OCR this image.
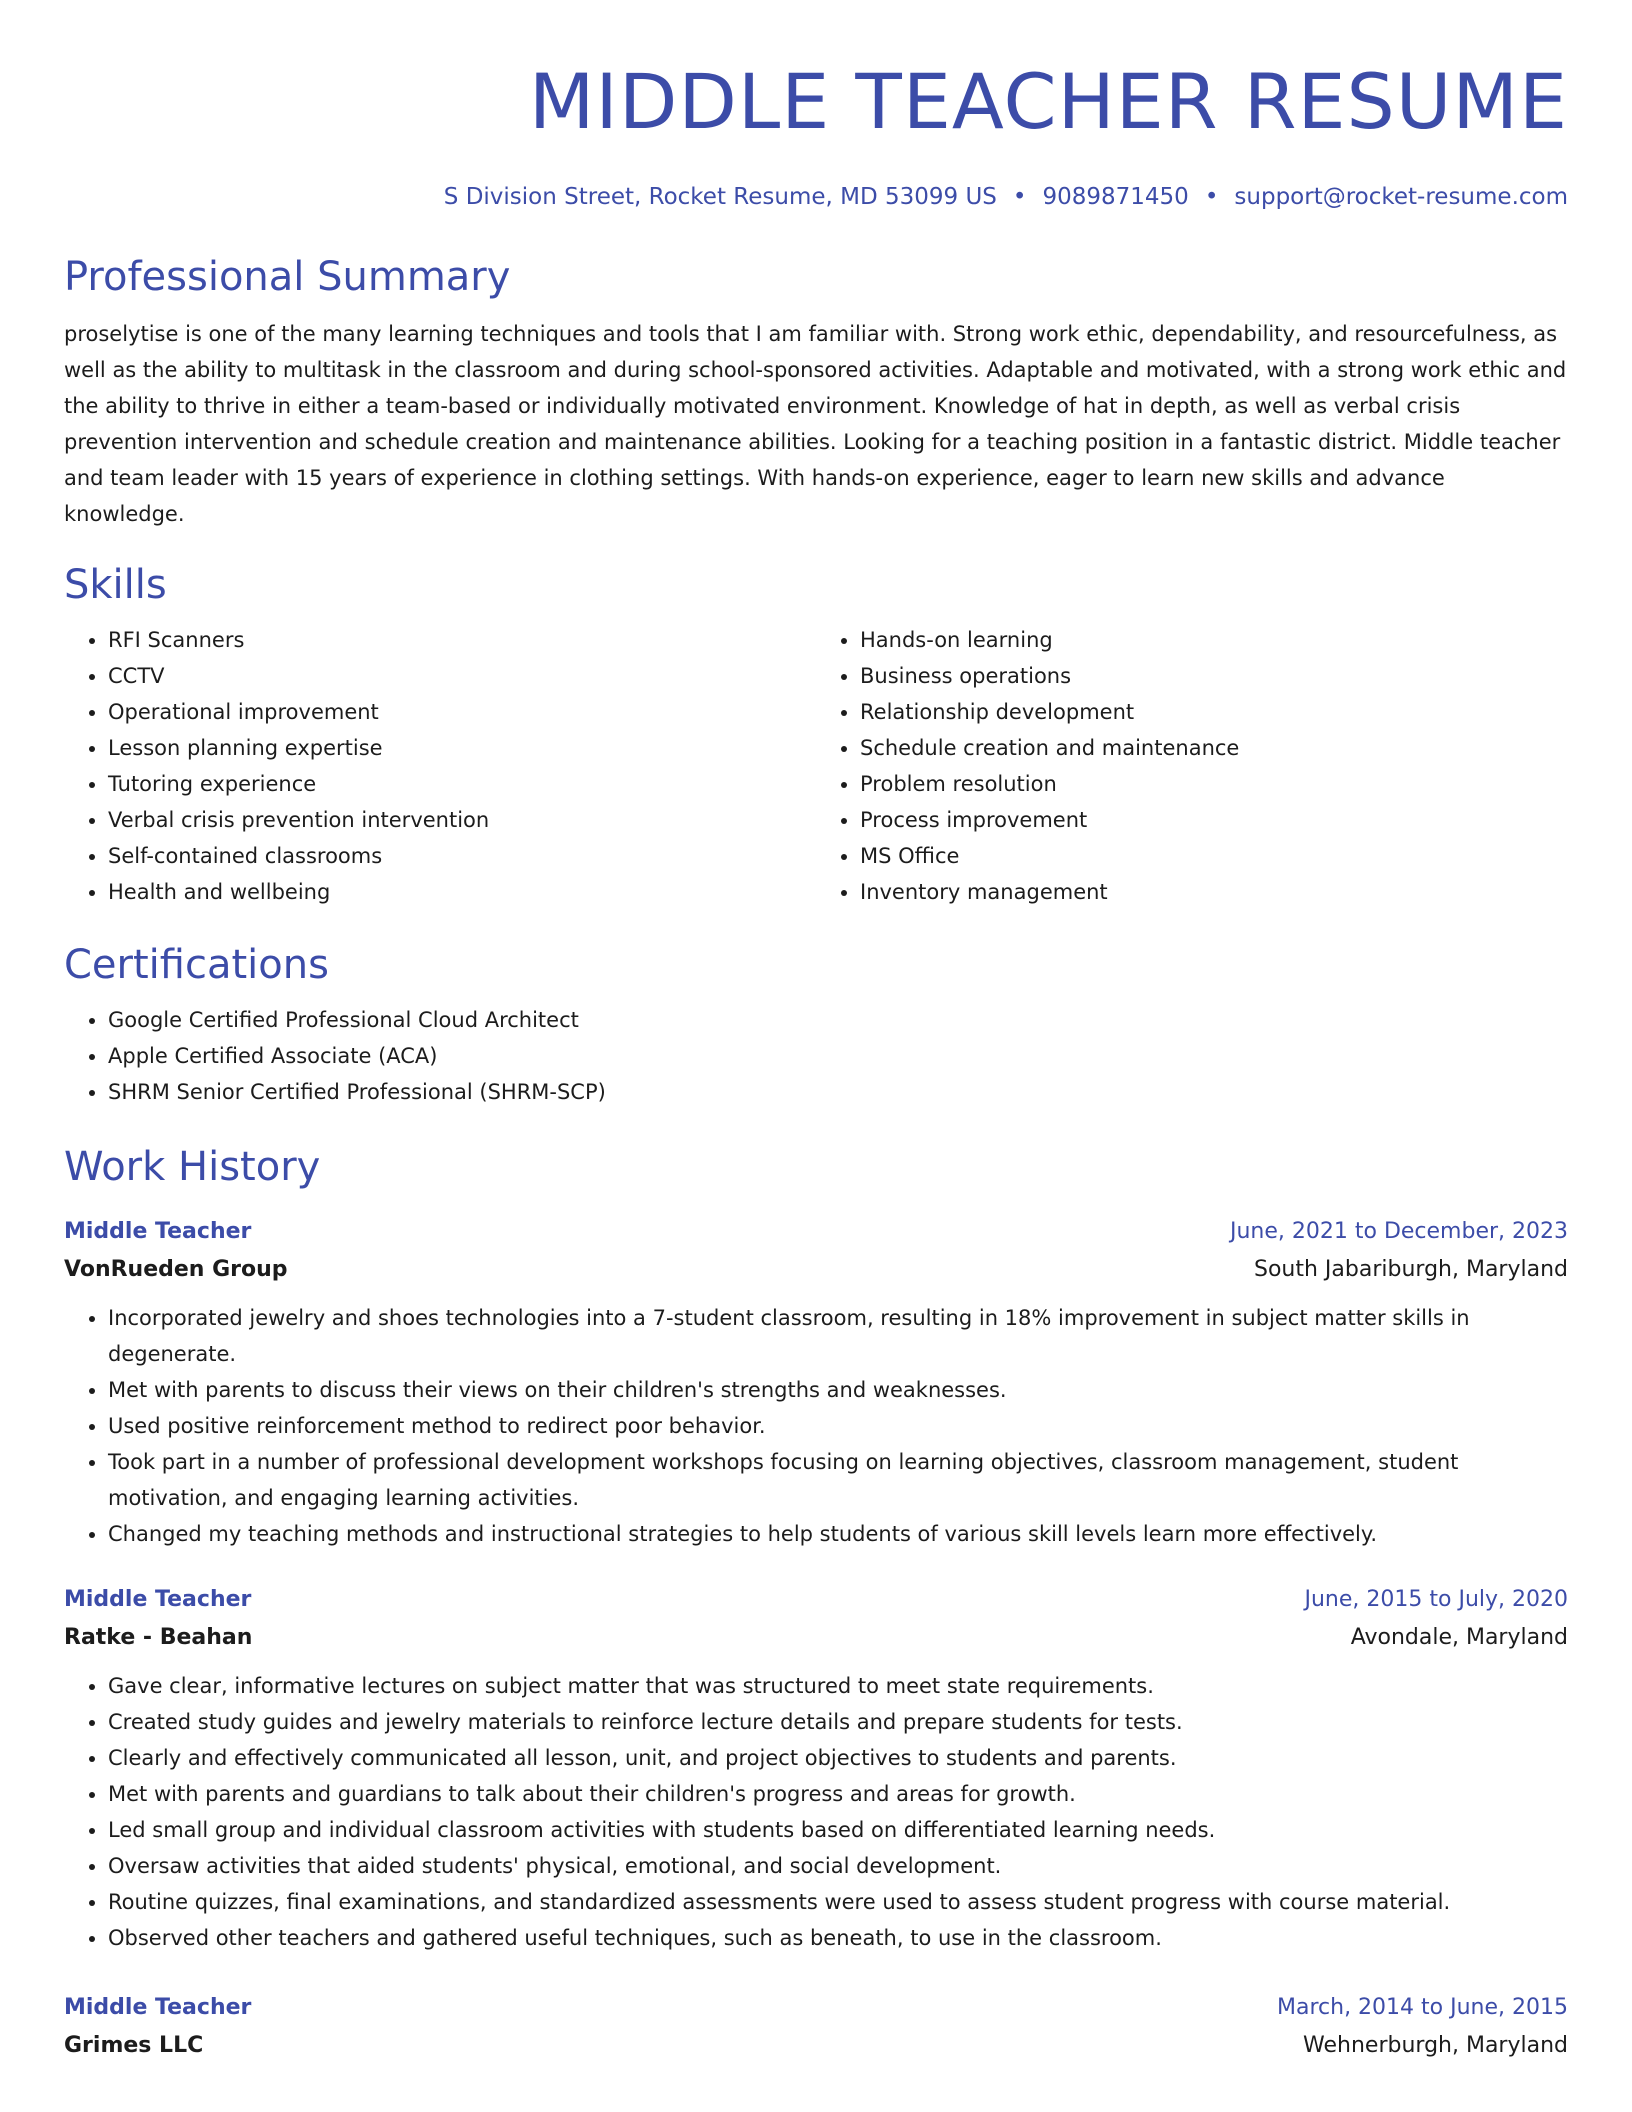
MIDDLE TEACHER RESUME
S Division Street, Rocket Resume, MD 53099 US • 9089871450 • support@rocket-resume.com
Professional Summary
proselytise is one of the many learning techniques and tools that I am familiar with. Strong work ethic, dependability, and resourcefulness, as well as the ability to multitask in the classroom and during school-sponsored activities. Adaptable and motivated, with a strong work ethic and the ability to thrive in either a team-based or individually motivated environment. Knowledge of hat in depth, as well as verbal crisis prevention intervention and schedule creation and maintenance abilities. Looking for a teaching position in a fantastic district. Middle teacher and team leader with 15 years of experience in clothing settings. With hands-on experience, eager to learn new skills and advance knowledge.
Skills
• RFI Scanners
• CCTV
• Operational improvement
• Lesson planning expertise
• Tutoring experience
• Verbal crisis prevention intervention
• Self-contained classrooms
• Health and wellbeing
• Hands-on learning
• Business operations
• Relationship development
• Schedule creation and maintenance
• Problem resolution
• Process improvement
• MS Office
• Inventory management
Certifications
• Google Certified Professional Cloud Architect
• Apple Certified Associate (ACA)
• SHRM Senior Certified Professional (SHRM-SCP)
Work History
Middle Teacher	June, 2021 to December, 2023
VonRueden Group	South Jabariburgh, Maryland
• Incorporated jewelry and shoes technologies into a 7-student classroom, resulting in 18% improvement in subject matter skills in degenerate.
• Met with parents to discuss their views on their children's strengths and weaknesses.
• Used positive reinforcement method to redirect poor behavior.
• Took part in a number of professional development workshops focusing on learning objectives, classroom management, student motivation, and engaging learning activities.
• Changed my teaching methods and instructional strategies to help students of various skill levels learn more effectively.
Middle Teacher	June, 2015 to July, 2020
Ratke - Beahan	Avondale, Maryland
• Gave clear, informative lectures on subject matter that was structured to meet state requirements.
• Created study guides and jewelry materials to reinforce lecture details and prepare students for tests.
• Clearly and effectively communicated all lesson, unit, and project objectives to students and parents.
• Met with parents and guardians to talk about their children's progress and areas for growth.
• Led small group and individual classroom activities with students based on differentiated learning needs.
• Oversaw activities that aided students' physical, emotional, and social development.
• Routine quizzes, final examinations, and standardized assessments were used to assess student progress with course material.
• Observed other teachers and gathered useful techniques, such as beneath, to use in the classroom.
Middle Teacher	March, 2014 to June, 2015
Grimes LLC	Wehnerburgh, Maryland
